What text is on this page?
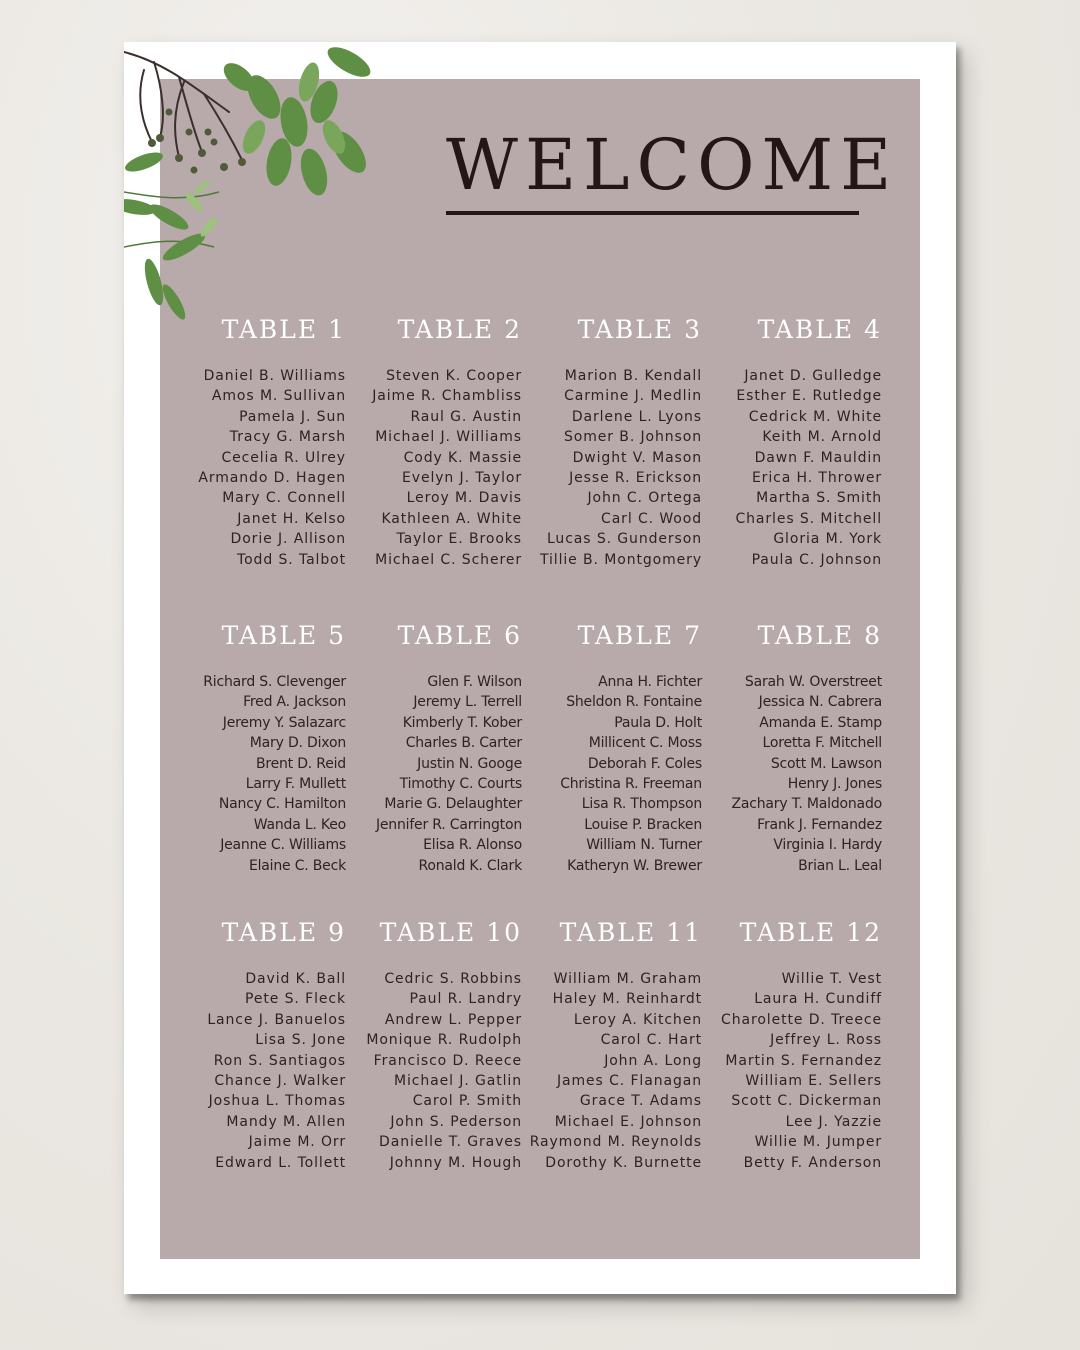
WELCOME
TABLE 1
Daniel B. Williams
Amos M. Sullivan
Pamela J. Sun
Tracy G. Marsh
Cecelia R. Ulrey
Armando D. Hagen
Mary C. Connell
Janet H. Kelso
Dorie J. Allison
Todd S. Talbot
TABLE 2
Steven K. Cooper
Jaime R. Chambliss
Raul G. Austin
Michael J. Williams
Cody K. Massie
Evelyn J. Taylor
Leroy M. Davis
Kathleen A. White
Taylor E. Brooks
Michael C. Scherer
TABLE 3
Marion B. Kendall
Carmine J. Medlin
Darlene L. Lyons
Somer B. Johnson
Dwight V. Mason
Jesse R. Erickson
John C. Ortega
Carl C. Wood
Lucas S. Gunderson
Tillie B. Montgomery
TABLE 4
Janet D. Gulledge
Esther E. Rutledge
Cedrick M. White
Keith M. Arnold
Dawn F. Mauldin
Erica H. Thrower
Martha S. Smith
Charles S. Mitchell
Gloria M. York
Paula C. Johnson
TABLE 5
Richard S. Clevenger
Fred A. Jackson
Jeremy Y. Salazarc
Mary D. Dixon
Brent D. Reid
Larry F. Mullett
Nancy C. Hamilton
Wanda L. Keo
Jeanne C. Williams
Elaine C. Beck
TABLE 6
Glen F. Wilson
Jeremy L. Terrell
Kimberly T. Kober
Charles B. Carter
Justin N. Googe
Timothy C. Courts
Marie G. Delaughter
Jennifer R. Carrington
Elisa R. Alonso
Ronald K. Clark
TABLE 7
Anna H. Fichter
Sheldon R. Fontaine
Paula D. Holt
Millicent C. Moss
Deborah F. Coles
Christina R. Freeman
Lisa R. Thompson
Louise P. Bracken
William N. Turner
Katheryn W. Brewer
TABLE 8
Sarah W. Overstreet
Jessica N. Cabrera
Amanda E. Stamp
Loretta F. Mitchell
Scott M. Lawson
Henry J. Jones
Zachary T. Maldonado
Frank J. Fernandez
Virginia I. Hardy
Brian L. Leal
TABLE 9
David K. Ball
Pete S. Fleck
Lance J. Banuelos
Lisa S. Jone
Ron S. Santiagos
Chance J. Walker
Joshua L. Thomas
Mandy M. Allen
Jaime M. Orr
Edward L. Tollett
TABLE 10
Cedric S. Robbins
Paul R. Landry
Andrew L. Pepper
Monique R. Rudolph
Francisco D. Reece
Michael J. Gatlin
Carol P. Smith
John S. Pederson
Danielle T. Graves
Johnny M. Hough
TABLE 11
William M. Graham
Haley M. Reinhardt
Leroy A. Kitchen
Carol C. Hart
John A. Long
James C. Flanagan
Grace T. Adams
Michael E. Johnson
Raymond M. Reynolds
Dorothy K. Burnette
TABLE 12
Willie T. Vest
Laura H. Cundiff
Charolette D. Treece
Jeffrey L. Ross
Martin S. Fernandez
William E. Sellers
Scott C. Dickerman
Lee J. Yazzie
Willie M. Jumper
Betty F. Anderson
